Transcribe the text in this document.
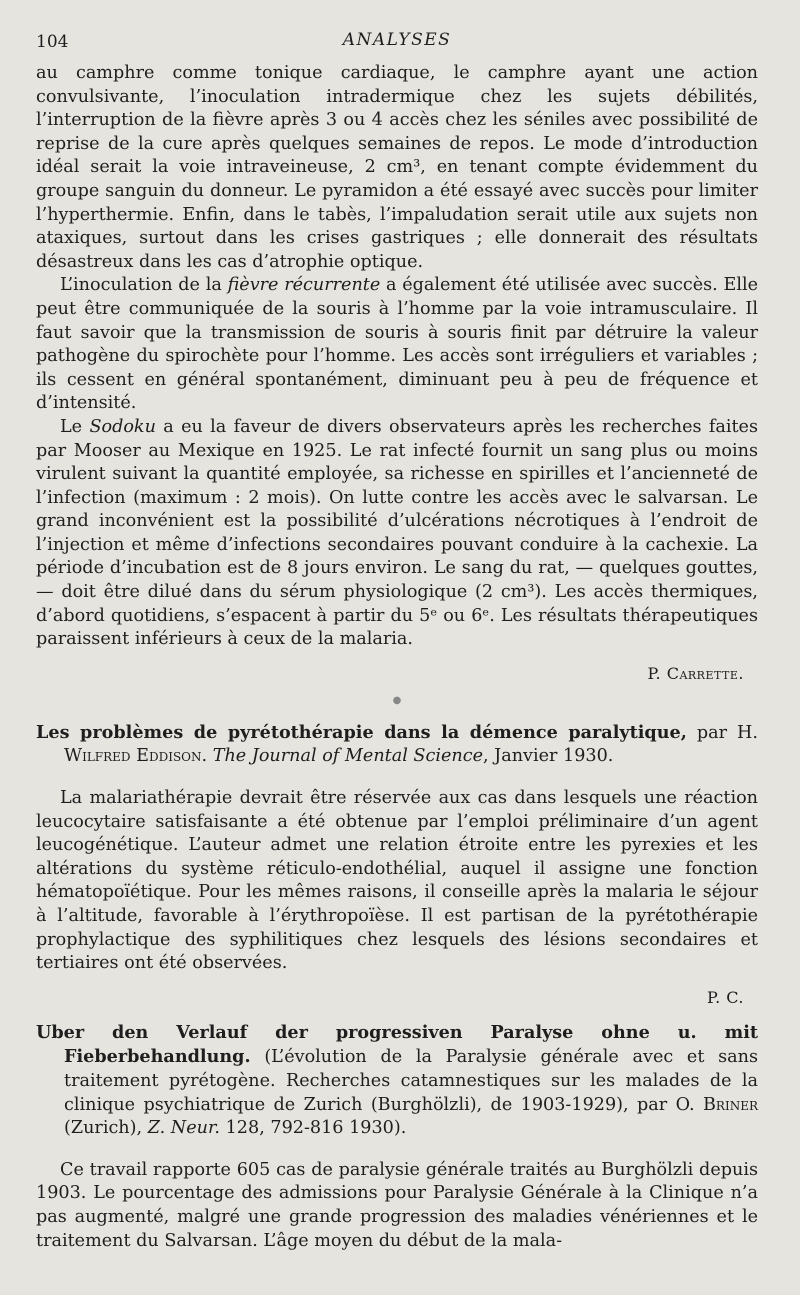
104	ANALYSES

au camphre comme tonique cardiaque, le camphre ayant une action convulsivante, l’inoculation intradermique chez les sujets débilités, l’interruption de la fièvre après 3 ou 4 accès chez les séniles avec possibilité de reprise de la cure après quelques semaines de repos. Le mode d’introduction idéal serait la voie intraveineuse, 2 cm³, en tenant compte évidemment du groupe sanguin du donneur. Le pyramidon a été essayé avec succès pour limiter l’hyperthermie. Enfin, dans le tabès, l’impaludation serait utile aux sujets non ataxiques, surtout dans les crises gastriques ; elle donnerait des résultats désastreux dans les cas d’atrophie optique.

L’inoculation de la fièvre récurrente a également été utilisée avec succès. Elle peut être communiquée de la souris à l’homme par la voie intramusculaire. Il faut savoir que la transmission de souris à souris finit par détruire la valeur pathogène du spirochète pour l’homme. Les accès sont irréguliers et variables ; ils cessent en général spontanément, diminuant peu à peu de fréquence et d’intensité.

Le Sodoku a eu la faveur de divers observateurs après les recherches faites par Mooser au Mexique en 1925. Le rat infecté fournit un sang plus ou moins virulent suivant la quantité employée, sa richesse en spirilles et l’ancienneté de l’infection (maximum : 2 mois). On lutte contre les accès avec le salvarsan. Le grand inconvénient est la possibilité d’ulcérations nécrotiques à l’endroit de l’injection et même d’infections secondaires pouvant conduire à la cachexie. La période d’incubation est de 8 jours environ. Le sang du rat, — quelques gouttes, — doit être dilué dans du sérum physiologique (2 cm³). Les accès thermiques, d’abord quotidiens, s’espacent à partir du 5ᵉ ou 6ᵉ. Les résultats thérapeutiques paraissent inférieurs à ceux de la malaria.

P. Carrette.
●
Les problèmes de pyrétothérapie dans la démence paralytique, par H. Wilfred Eddison. The Journal of Mental Science, Janvier 1930.

La malariathérapie devrait être réservée aux cas dans lesquels une réaction leucocytaire satisfaisante a été obtenue par l’emploi préliminaire d’un agent leucogénétique. L’auteur admet une relation étroite entre les pyrexies et les altérations du système réticulo-endothélial, auquel il assigne une fonction hématopoïétique. Pour les mêmes raisons, il conseille après la malaria le séjour à l’altitude, favorable à l’érythropoïèse. Il est partisan de la pyrétothérapie prophylactique des syphilitiques chez lesquels des lésions secondaires et tertiaires ont été observées.

P. C.
Uber den Verlauf der progressiven Paralyse ohne u. mit Fieberbehandlung. (L’évolution de la Paralysie générale avec et sans traitement pyrétogène. Recherches catamnestiques sur les malades de la clinique psychiatrique de Zurich (Burghölzli), de 1903-1929), par O. Briner (Zurich), Z. Neur. 128, 792-816 1930).

Ce travail rapporte 605 cas de paralysie générale traités au Burghölzli depuis 1903. Le pourcentage des admissions pour Paralysie Générale à la Clinique n’a pas augmenté, malgré une grande progression des maladies vénériennes et le traitement du Salvarsan. L’âge moyen du début de la mala-
